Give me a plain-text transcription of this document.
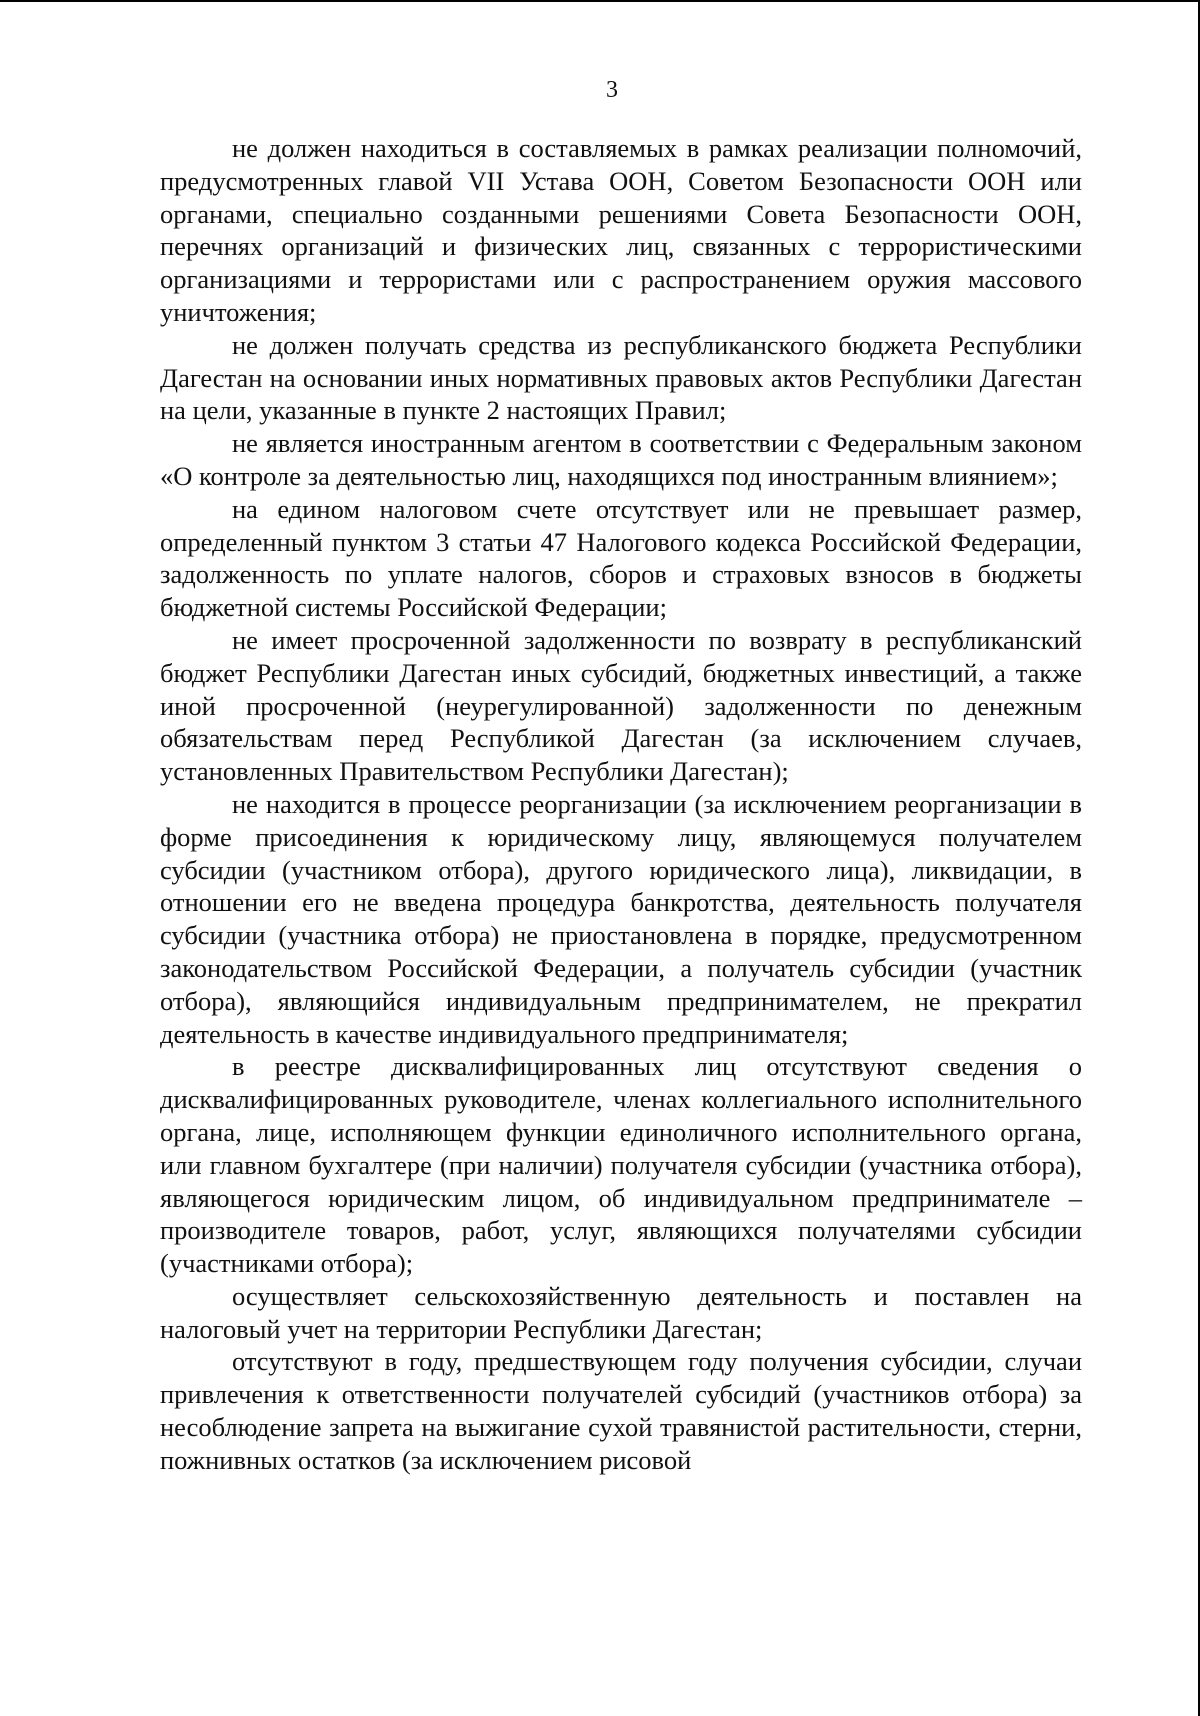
3

не должен находиться в составляемых в рамках реализации полномочий, предусмотренных главой VII Устава ООН, Советом Безопасности ООН или органами, специально созданными решениями Совета Безопасности ООН, перечнях организаций и физических лиц, связанных с террористическими организациями и террористами или с распространением оружия массового уничтожения;

не должен получать средства из республиканского бюджета Республики Дагестан на основании иных нормативных правовых актов Республики Дагестан на цели, указанные в пункте 2 настоящих Правил;

не является иностранным агентом в соответствии с Федеральным законом «О контроле за деятельностью лиц, находящихся под иностранным влиянием»;

на едином налоговом счете отсутствует или не превышает размер, определенный пунктом 3 статьи 47 Налогового кодекса Российской Федерации, задолженность по уплате налогов, сборов и страховых взносов в бюджеты бюджетной системы Российской Федерации;

не имеет просроченной задолженности по возврату в республиканский бюджет Республики Дагестан иных субсидий, бюджетных инвестиций, а также иной просроченной (неурегулированной) задолженности по денежным обязательствам перед Республикой Дагестан (за исключением случаев, установленных Правительством Республики Дагестан);

не находится в процессе реорганизации (за исключением реорганизации в форме присоединения к юридическому лицу, являющемуся получателем субсидии (участником отбора), другого юридического лица), ликвидации, в отношении его не введена процедура банкротства, деятельность получателя субсидии (участника отбора) не приостановлена в порядке, предусмотренном законодательством Российской Федерации, а получатель субсидии (участник отбора), являющийся индивидуальным предпринимателем, не прекратил деятельность в качестве индивидуального предпринимателя;

в реестре дисквалифицированных лиц отсутствуют сведения о дисквалифицированных руководителе, членах коллегиального исполнительного органа, лице, исполняющем функции единоличного исполнительного органа, или главном бухгалтере (при наличии) получателя субсидии (участника отбора), являющегося юридическим лицом, об индивидуальном предпринимателе – производителе товаров, работ, услуг, являющихся получателями субсидии (участниками отбора);

осуществляет сельскохозяйственную деятельность и поставлен на налоговый учет на территории Республики Дагестан;

отсутствуют в году, предшествующем году получения субсидии, случаи привлечения к ответственности получателей субсидий (участников отбора) за несоблюдение запрета на выжигание сухой травянистой растительности, стерни, пожнивных остатков (за исключением рисовой
